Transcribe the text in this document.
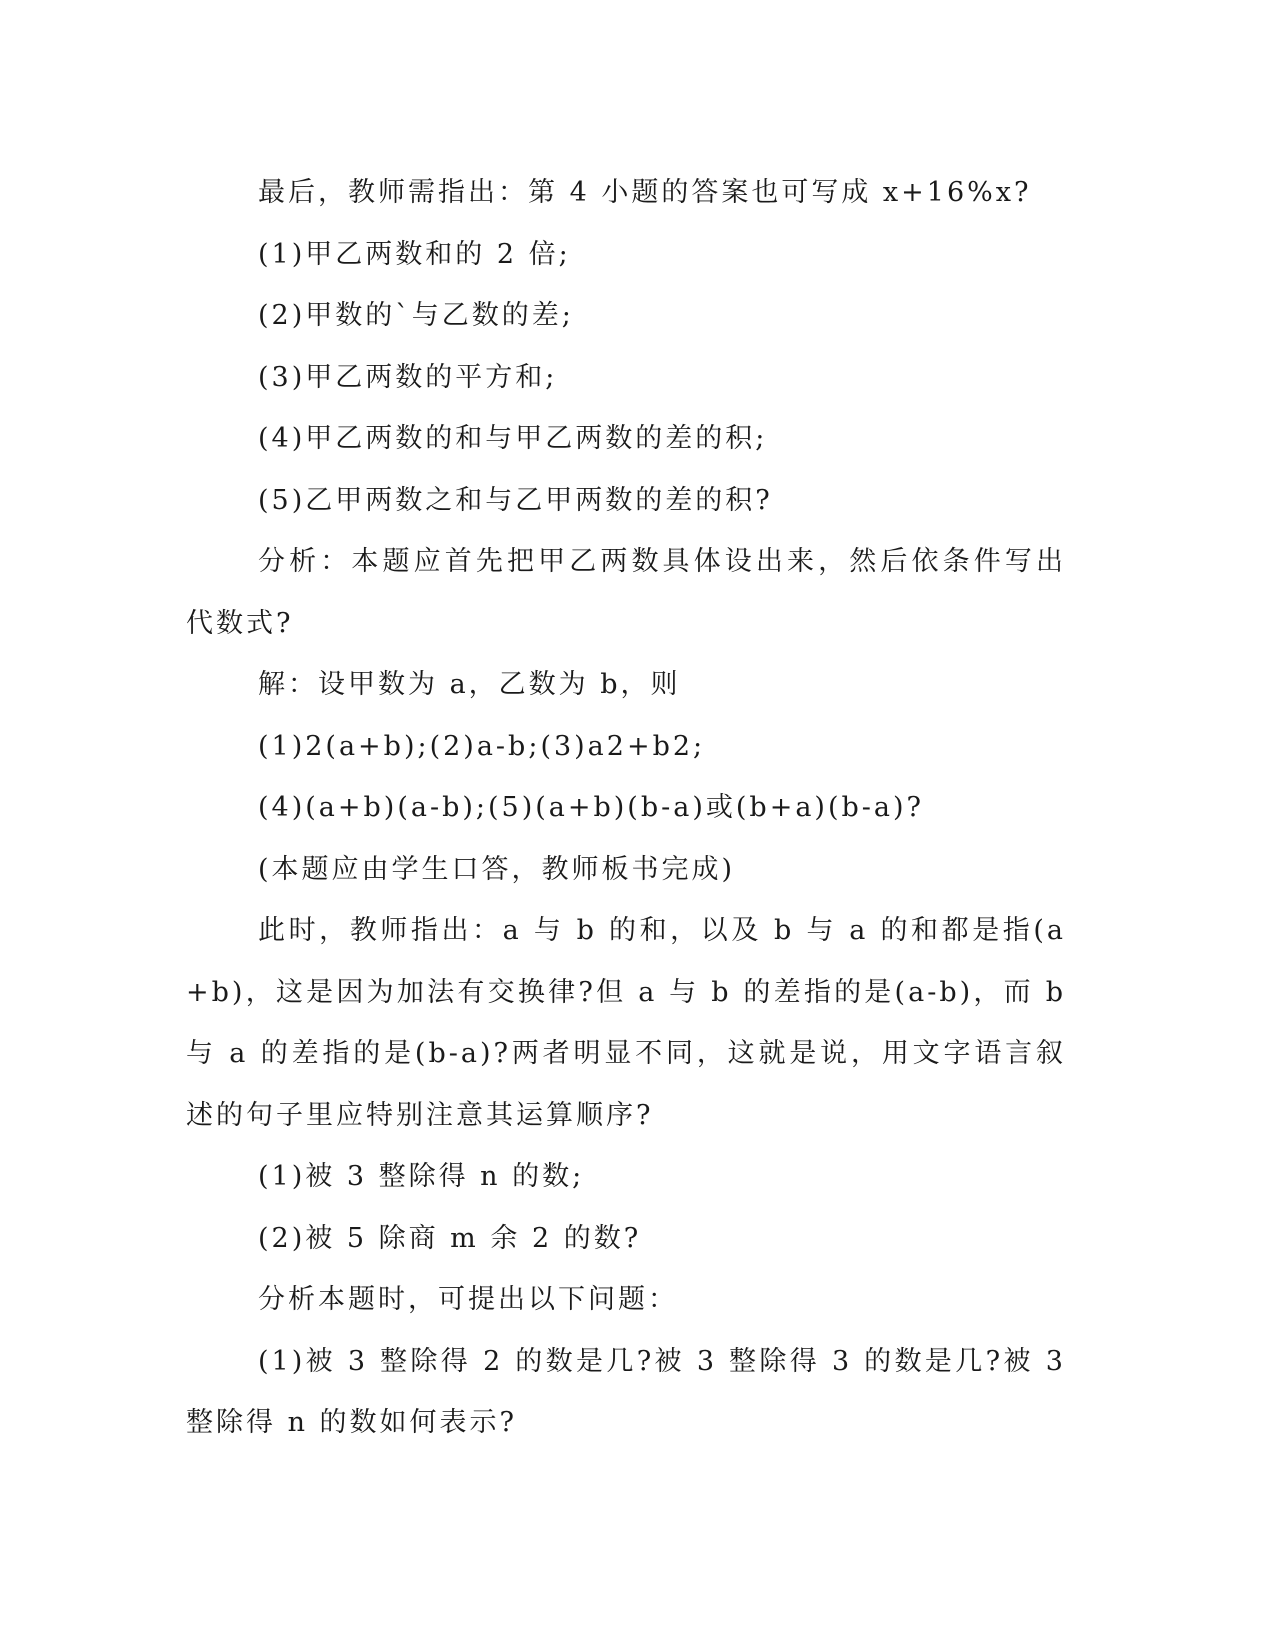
最后，教师需指出：第 4 小题的答案也可写成 x+16%x?

(1)甲乙两数和的 2 倍;

(2)甲数的`与乙数的差;

(3)甲乙两数的平方和;

(4)甲乙两数的和与甲乙两数的差的积;

(5)乙甲两数之和与乙甲两数的差的积?

分析：本题应首先把甲乙两数具体设出来，然后依条件写出代数式?

解：设甲数为 a，乙数为 b，则

(1)2(a+b);(2)a-b;(3)a2+b2;

(4)(a+b)(a-b);(5)(a+b)(b-a)或(b+a)(b-a)?

(本题应由学生口答，教师板书完成)

此时，教师指出：a 与 b 的和，以及 b 与 a 的和都是指(a+b)，这是因为加法有交换律?但 a 与 b 的差指的是(a-b)，而 b 与 a 的差指的是(b-a)?两者明显不同，这就是说，用文字语言叙述的句子里应特别注意其运算顺序?

(1)被 3 整除得 n 的数;

(2)被 5 除商 m 余 2 的数?

分析本题时，可提出以下问题：

(1)被 3 整除得 2 的数是几?被 3 整除得 3 的数是几?被 3 整除得 n 的数如何表示?
